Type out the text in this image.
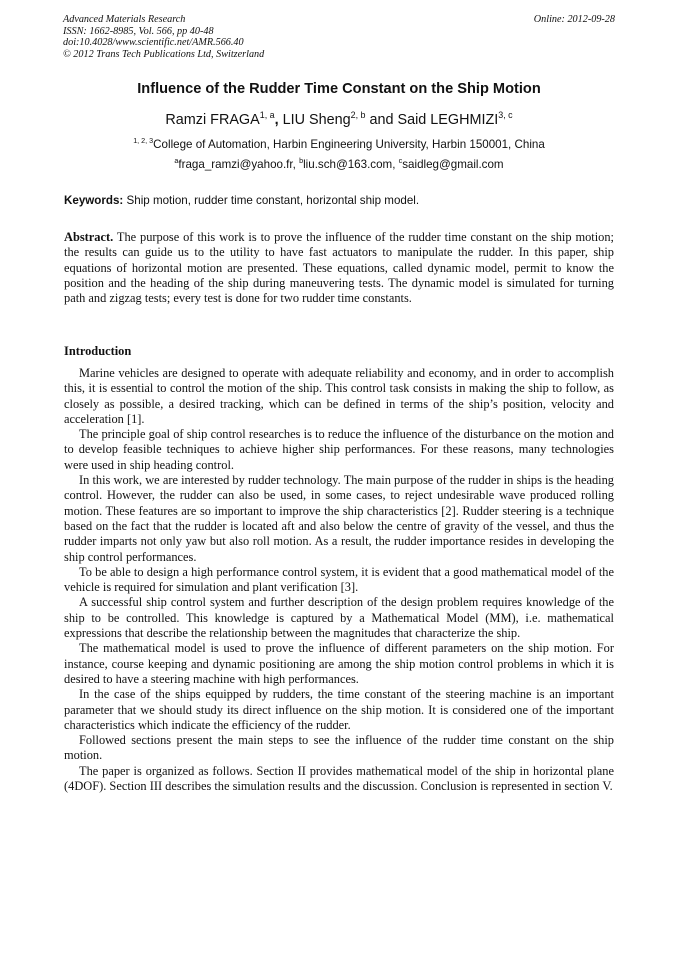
Advanced Materials Research
ISSN: 1662-8985, Vol. 566, pp 40-48
doi:10.4028/www.scientific.net/AMR.566.40
© 2012 Trans Tech Publications Ltd, Switzerland
Online: 2012-09-28
Influence of the Rudder Time Constant on the Ship Motion
Ramzi FRAGA$^{1, a}$, LIU Sheng$^{2, b}$ and Said LEGHMIZI$^{3, c}$
$^{1, 2, 3}$College of Automation, Harbin Engineering University, Harbin 150001, China
$^a$fraga_ramzi@yahoo.fr, $^b$liu.sch@163.com, $^c$saidleg@gmail.com
Keywords: Ship motion, rudder time constant, horizontal ship model.

Abstract. The purpose of this work is to prove the influence of the rudder time constant on the ship motion; the results can guide us to the utility to have fast actuators to manipulate the rudder. In this paper, ship equations of horizontal motion are presented. These equations, called dynamic model, permit to know the position and the heading of the ship during maneuvering tests. The dynamic model is simulated for turning path and zigzag tests; every test is done for two rudder time constants.

Introduction

Marine vehicles are designed to operate with adequate reliability and economy, and in order to accomplish this, it is essential to control the motion of the ship. This control task consists in making the ship to follow, as closely as possible, a desired tracking, which can be defined in terms of the ship’s position, velocity and acceleration [1].

The principle goal of ship control researches is to reduce the influence of the disturbance on the motion and to develop feasible techniques to achieve higher ship performances. For these reasons, many technologies were used in ship heading control.

In this work, we are interested by rudder technology. The main purpose of the rudder in ships is the heading control. However, the rudder can also be used, in some cases, to reject undesirable wave produced rolling motion. These features are so important to improve the ship characteristics [2]. Rudder steering is a technique based on the fact that the rudder is located aft and also below the centre of gravity of the vessel, and thus the rudder imparts not only yaw but also roll motion. As a result, the rudder importance resides in developing the ship control performances.

To be able to design a high performance control system, it is evident that a good mathematical model of the vehicle is required for simulation and plant verification [3].

A successful ship control system and further description of the design problem requires knowledge of the ship to be controlled. This knowledge is captured by a Mathematical Model (MM), i.e. mathematical expressions that describe the relationship between the magnitudes that characterize the ship.

The mathematical model is used to prove the influence of different parameters on the ship motion. For instance, course keeping and dynamic positioning are among the ship motion control problems in which it is desired to have a steering machine with high performances.

In the case of the ships equipped by rudders, the time constant of the steering machine is an important parameter that we should study its direct influence on the ship motion. It is considered one of the important characteristics which indicate the efficiency of the rudder.

Followed sections present the main steps to see the influence of the rudder time constant on the ship motion.

The paper is organized as follows. Section II provides mathematical model of the ship in horizontal plane (4DOF). Section III describes the simulation results and the discussion. Conclusion is represented in section V.
